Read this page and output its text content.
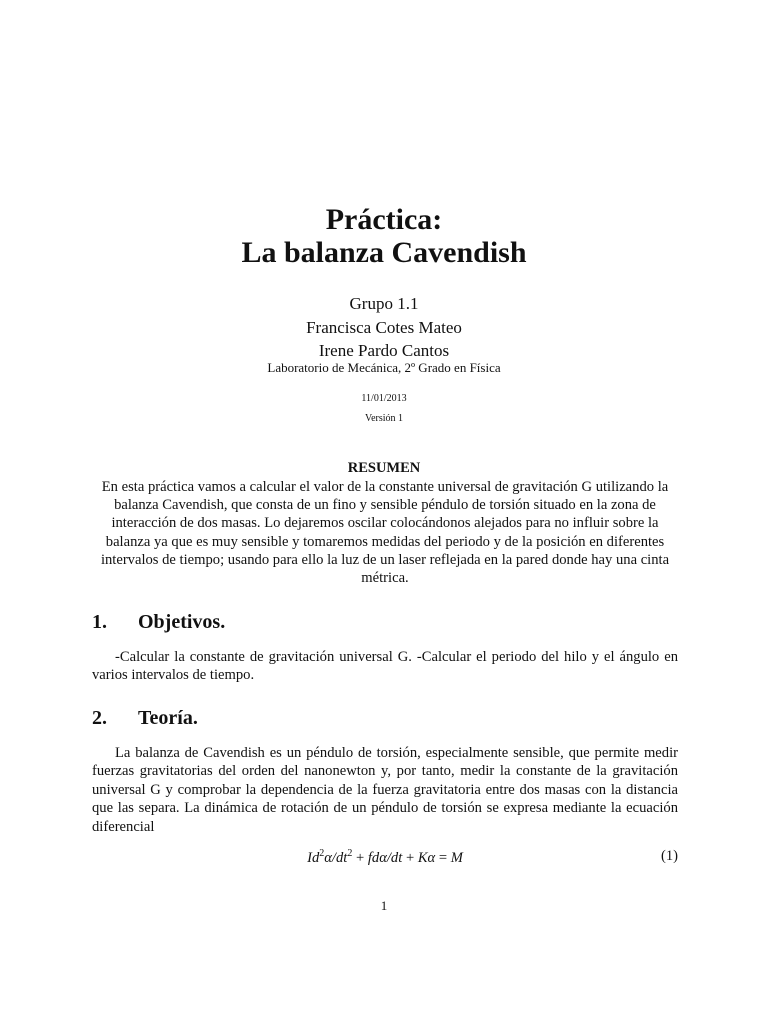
Práctica:
La balanza Cavendish
Grupo 1.1
Francisca Cotes Mateo
Irene Pardo Cantos
Laboratorio de Mecánica, 2º Grado en Física
11/01/2013
Versión 1
RESUMEN
En esta práctica vamos a calcular el valor de la constante universal de gravitación G utilizando la balanza Cavendish, que consta de un fino y sensible péndulo de torsión situado en la zona de interacción de dos masas. Lo dejaremos oscilar colocándonos alejados para no influir sobre la balanza ya que es muy sensible y tomaremos medidas del periodo y de la posición en diferentes intervalos de tiempo; usando para ello la luz de un laser reflejada en la pared donde hay una cinta métrica.
1. Objetivos.
-Calcular la constante de gravitación universal G. -Calcular el periodo del hilo y el ángulo en varios intervalos de tiempo.
2. Teoría.
La balanza de Cavendish es un péndulo de torsión, especialmente sensible, que permite medir fuerzas gravitatorias del orden del nanonewton y, por tanto, medir la constante de la gravitación universal G y comprobar la dependencia de la fuerza gravitatoria entre dos masas con la distancia que las separa. La dinámica de rotación de un péndulo de torsión se expresa mediante la ecuación diferencial
$Id^2\alpha/dt^2 + fd\alpha/dt + K\alpha = M$	(1)
1
